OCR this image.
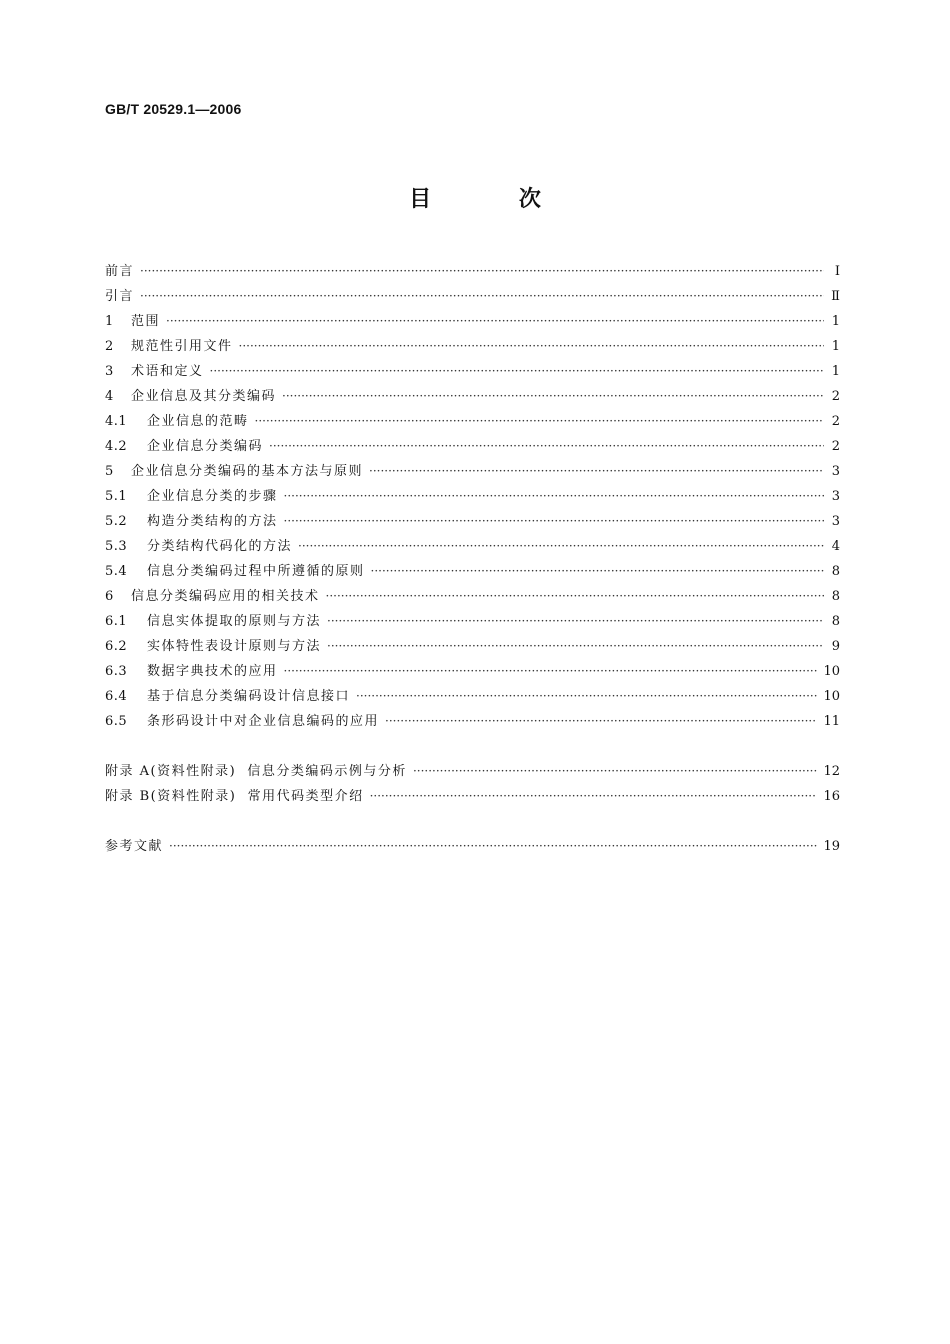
GB/T 20529.1—2006
目 次
前言 ·····	Ⅰ
引言 ·····	Ⅱ
1	范围 ·····	1
2	规范性引用文件 ·····	1
3	术语和定义 ·····	1
4	企业信息及其分类编码 ·····	2
4.1	企业信息的范畴 ·····	2
4.2	企业信息分类编码 ·····	2
5	企业信息分类编码的基本方法与原则 ·····	3
5.1	企业信息分类的步骤 ·····	3
5.2	构造分类结构的方法 ·····	3
5.3	分类结构代码化的方法 ·····	4
5.4	信息分类编码过程中所遵循的原则 ·····	8
6	信息分类编码应用的相关技术 ·····	8
6.1	信息实体提取的原则与方法 ·····	8
6.2	实体特性表设计原则与方法 ·····	9
6.3	数据字典技术的应用 ·····	10
6.4	基于信息分类编码设计信息接口 ·····	10
6.5	条形码设计中对企业信息编码的应用 ·····	11
附录 A(资料性附录)  信息分类编码示例与分析 ·····	12
附录 B(资料性附录)  常用代码类型介绍 ·····	16
参考文献 ·····	19
